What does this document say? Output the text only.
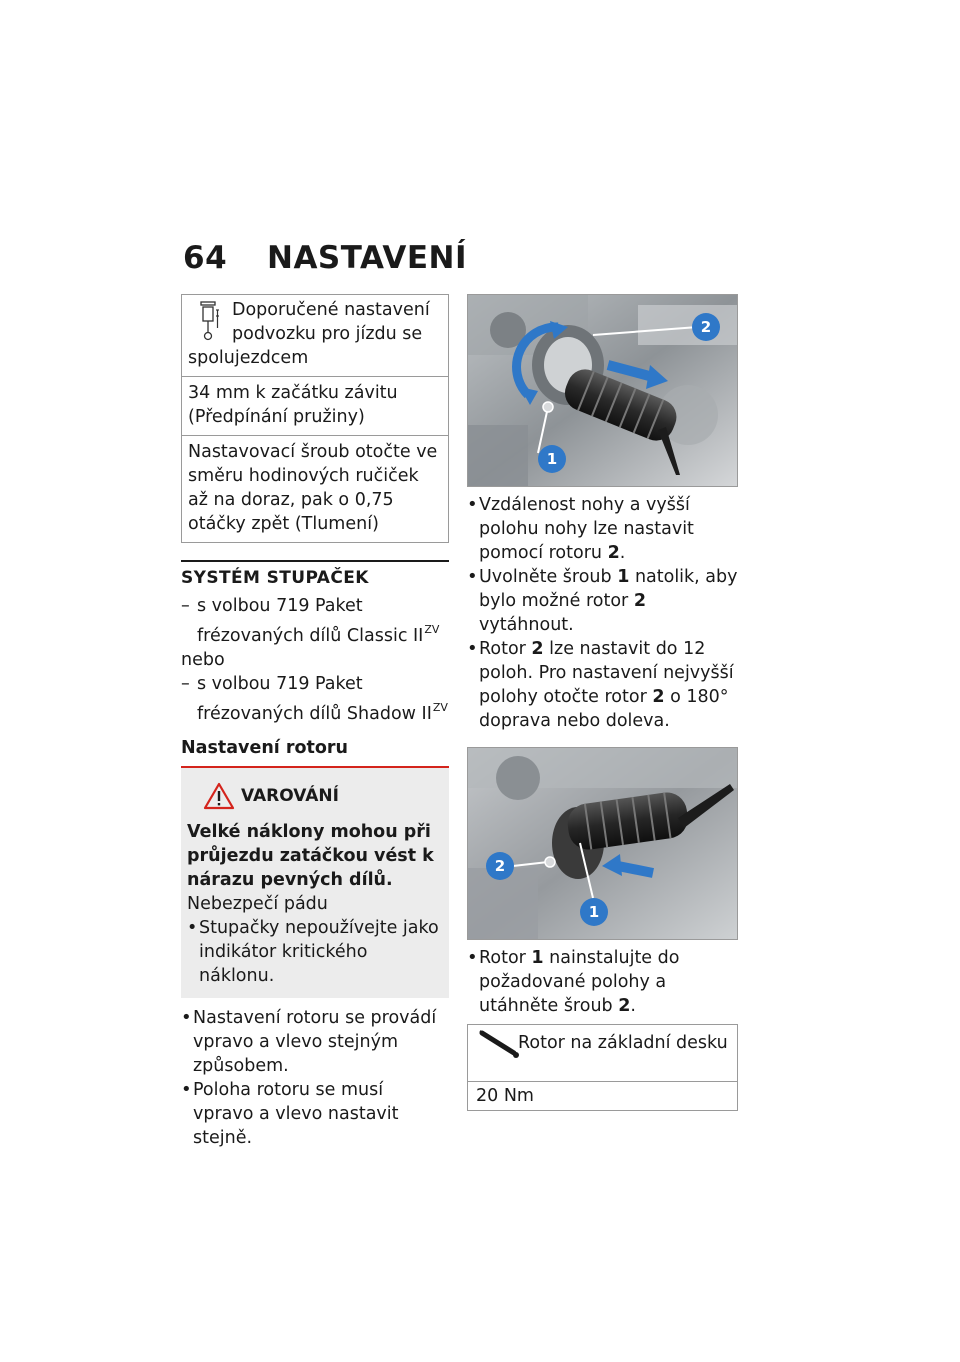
64 NASTAVENÍ
Doporučené nastavení podvozku pro jízdu se spolujezdcem
34 mm k začátku závitu (Předpínání pružiny)
Nastavovací šroub otočte ve směru hodinových ručiček až na doraz, pak o 0,75 otáčky zpět (Tlumení)
SYSTÉM STUPAČEK
– s volbou 719 Paket frézovaných dílů Classic $II^{ZV}$
nebo
– s volbou 719 Paket frézovaných dílů Shadow $II^{ZV}$
Nastavení rotoru
VAROVÁNÍ
Velké náklony mohou při průjezdu zatáčkou vést k nárazu pevných dílů.
Nebezpečí pádu
• Stupačky nepoužívejte jako indikátor kritického náklonu.
• Nastavení rotoru se provádí vpravo a vlevo stejným způsobem.
• Poloha rotoru se musí vpravo a vlevo nastavit stejně.
1
2
• Vzdálenost nohy a vyšší polohu nohy lze nastavit pomocí rotoru 2.
• Uvolněte šroub 1 natolik, aby bylo možné rotor 2 vytáhnout.
• Rotor 2 lze nastavit do 12 poloh. Pro nastavení nejvyšší polohy otočte rotor 2 o 180° doprava nebo doleva.
2
1
• Rotor 1 nainstalujte do požadované polohy a utáhněte šroub 2.
Rotor na základní desku
20 Nm
